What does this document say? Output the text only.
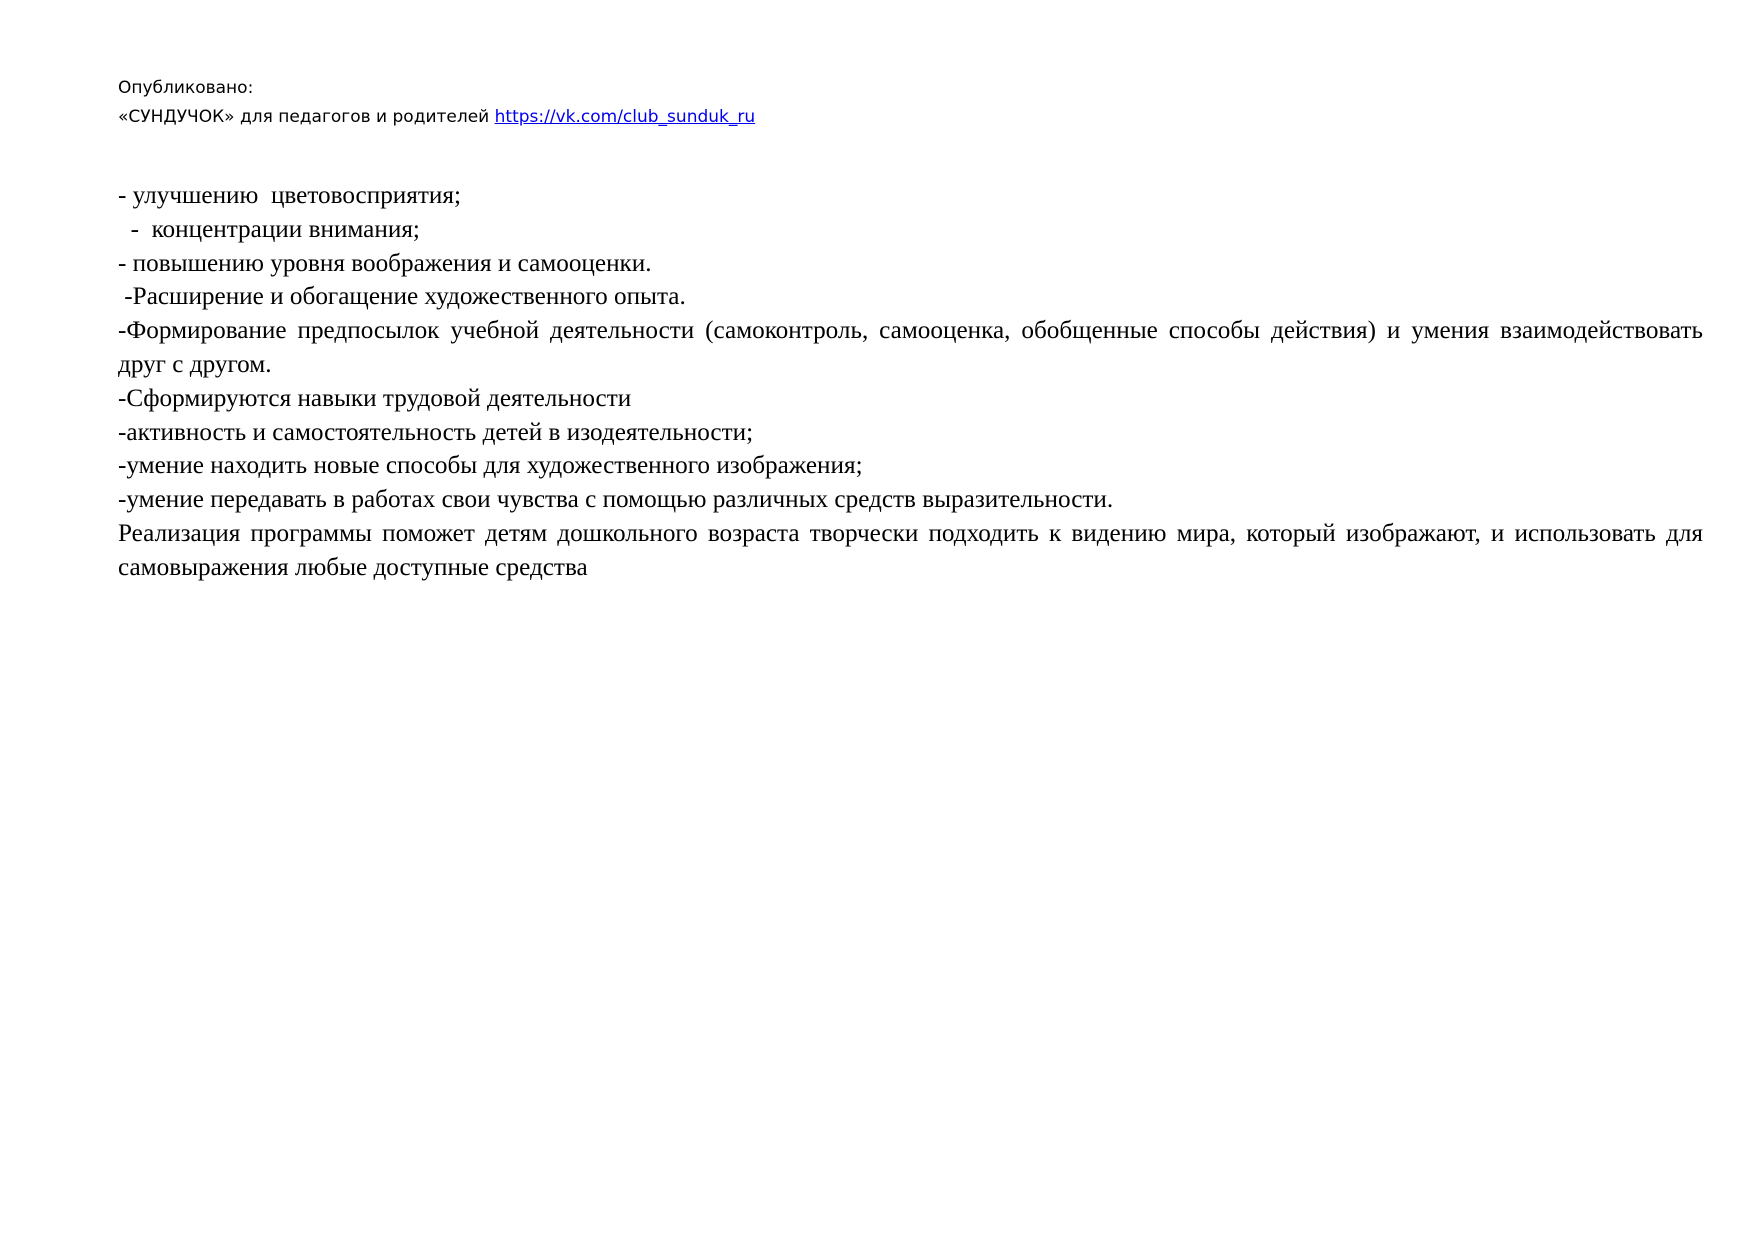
Опубликовано:
«СУНДУЧОК» для педагогов и родителей https://vk.com/club_sunduk_ru
- улучшению  цветовосприятия;
-  концентрации внимания;
- повышению уровня воображения и самооценки.
-Расширение и обогащение художественного опыта.
-Формирование предпосылок учебной деятельности (самоконтроль, самооценка, обобщенные способы действия) и умения взаимодействовать друг с другом.
-Сформируются навыки трудовой деятельности
-активность и самостоятельность детей в изодеятельности;
-умение находить новые способы для художественного изображения;
-умение передавать в работах свои чувства с помощью различных средств выразительности.
Реализация программы поможет детям дошкольного возраста творчески подходить к видению мира, который изображают, и использовать для самовыражения любые доступные средства
